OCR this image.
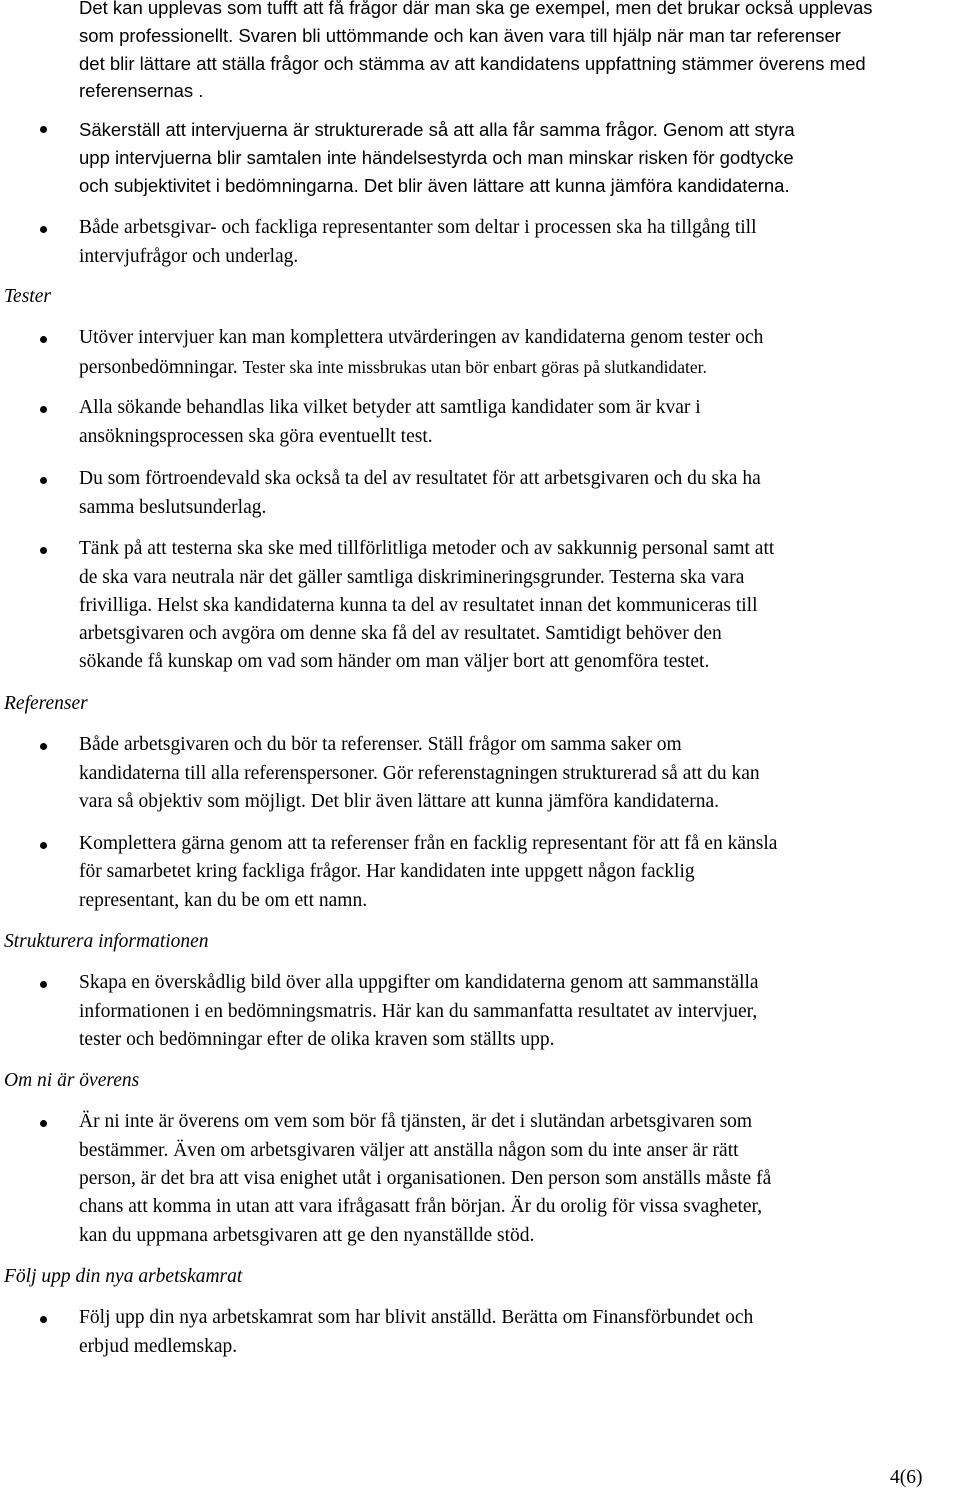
Det kan upplevas som tufft att få frågor där man ska ge exempel, men det brukar också upplevas
som professionellt. Svaren bli uttömmande och kan även vara till hjälp när man tar referenser
det blir lättare att ställa frågor och stämma av att kandidatens uppfattning stämmer överens med
referensernas .
Säkerställ att intervjuerna är strukturerade så att alla får samma frågor. Genom att styra
upp intervjuerna blir samtalen inte händelsestyrda och man minskar risken för godtycke
och subjektivitet i bedömningarna. Det blir även lättare att kunna jämföra kandidaterna.
Både arbetsgivar- och fackliga representanter som deltar i processen ska ha tillgång till
intervjufrågor och underlag.
Tester
Utöver intervjuer kan man komplettera utvärderingen av kandidaterna genom tester och
personbedömningar. Tester ska inte missbrukas utan bör enbart göras på slutkandidater.
Alla sökande behandlas lika vilket betyder att samtliga kandidater som är kvar i
ansökningsprocessen ska göra eventuellt test.
Du som förtroendevald ska också ta del av resultatet för att arbetsgivaren och du ska ha
samma beslutsunderlag.
Tänk på att testerna ska ske med tillförlitliga metoder och av sakkunnig personal samt att
de ska vara neutrala när det gäller samtliga diskrimineringsgrunder. Testerna ska vara
frivilliga. Helst ska kandidaterna kunna ta del av resultatet innan det kommuniceras till
arbetsgivaren och avgöra om denne ska få del av resultatet. Samtidigt behöver den
sökande få kunskap om vad som händer om man väljer bort att genomföra testet.
Referenser
Både arbetsgivaren och du bör ta referenser. Ställ frågor om samma saker om
kandidaterna till alla referenspersoner. Gör referenstagningen strukturerad så att du kan
vara så objektiv som möjligt. Det blir även lättare att kunna jämföra kandidaterna.
Komplettera gärna genom att ta referenser från en facklig representant för att få en känsla
för samarbetet kring fackliga frågor. Har kandidaten inte uppgett någon facklig
representant, kan du be om ett namn.
Strukturera informationen
Skapa en överskådlig bild över alla uppgifter om kandidaterna genom att sammanställa
informationen i en bedömningsmatris. Här kan du sammanfatta resultatet av intervjuer,
tester och bedömningar efter de olika kraven som ställts upp.
Om ni är överens
Är ni inte är överens om vem som bör få tjänsten, är det i slutändan arbetsgivaren som
bestämmer. Även om arbetsgivaren väljer att anställa någon som du inte anser är rätt
person, är det bra att visa enighet utåt i organisationen. Den person som anställs måste få
chans att komma in utan att vara ifrågasatt från början. Är du orolig för vissa svagheter,
kan du uppmana arbetsgivaren att ge den nyanställde stöd.
Följ upp din nya arbetskamrat
Följ upp din nya arbetskamrat som har blivit anställd. Berätta om Finansförbundet och
erbjud medlemskap.
4(6)
